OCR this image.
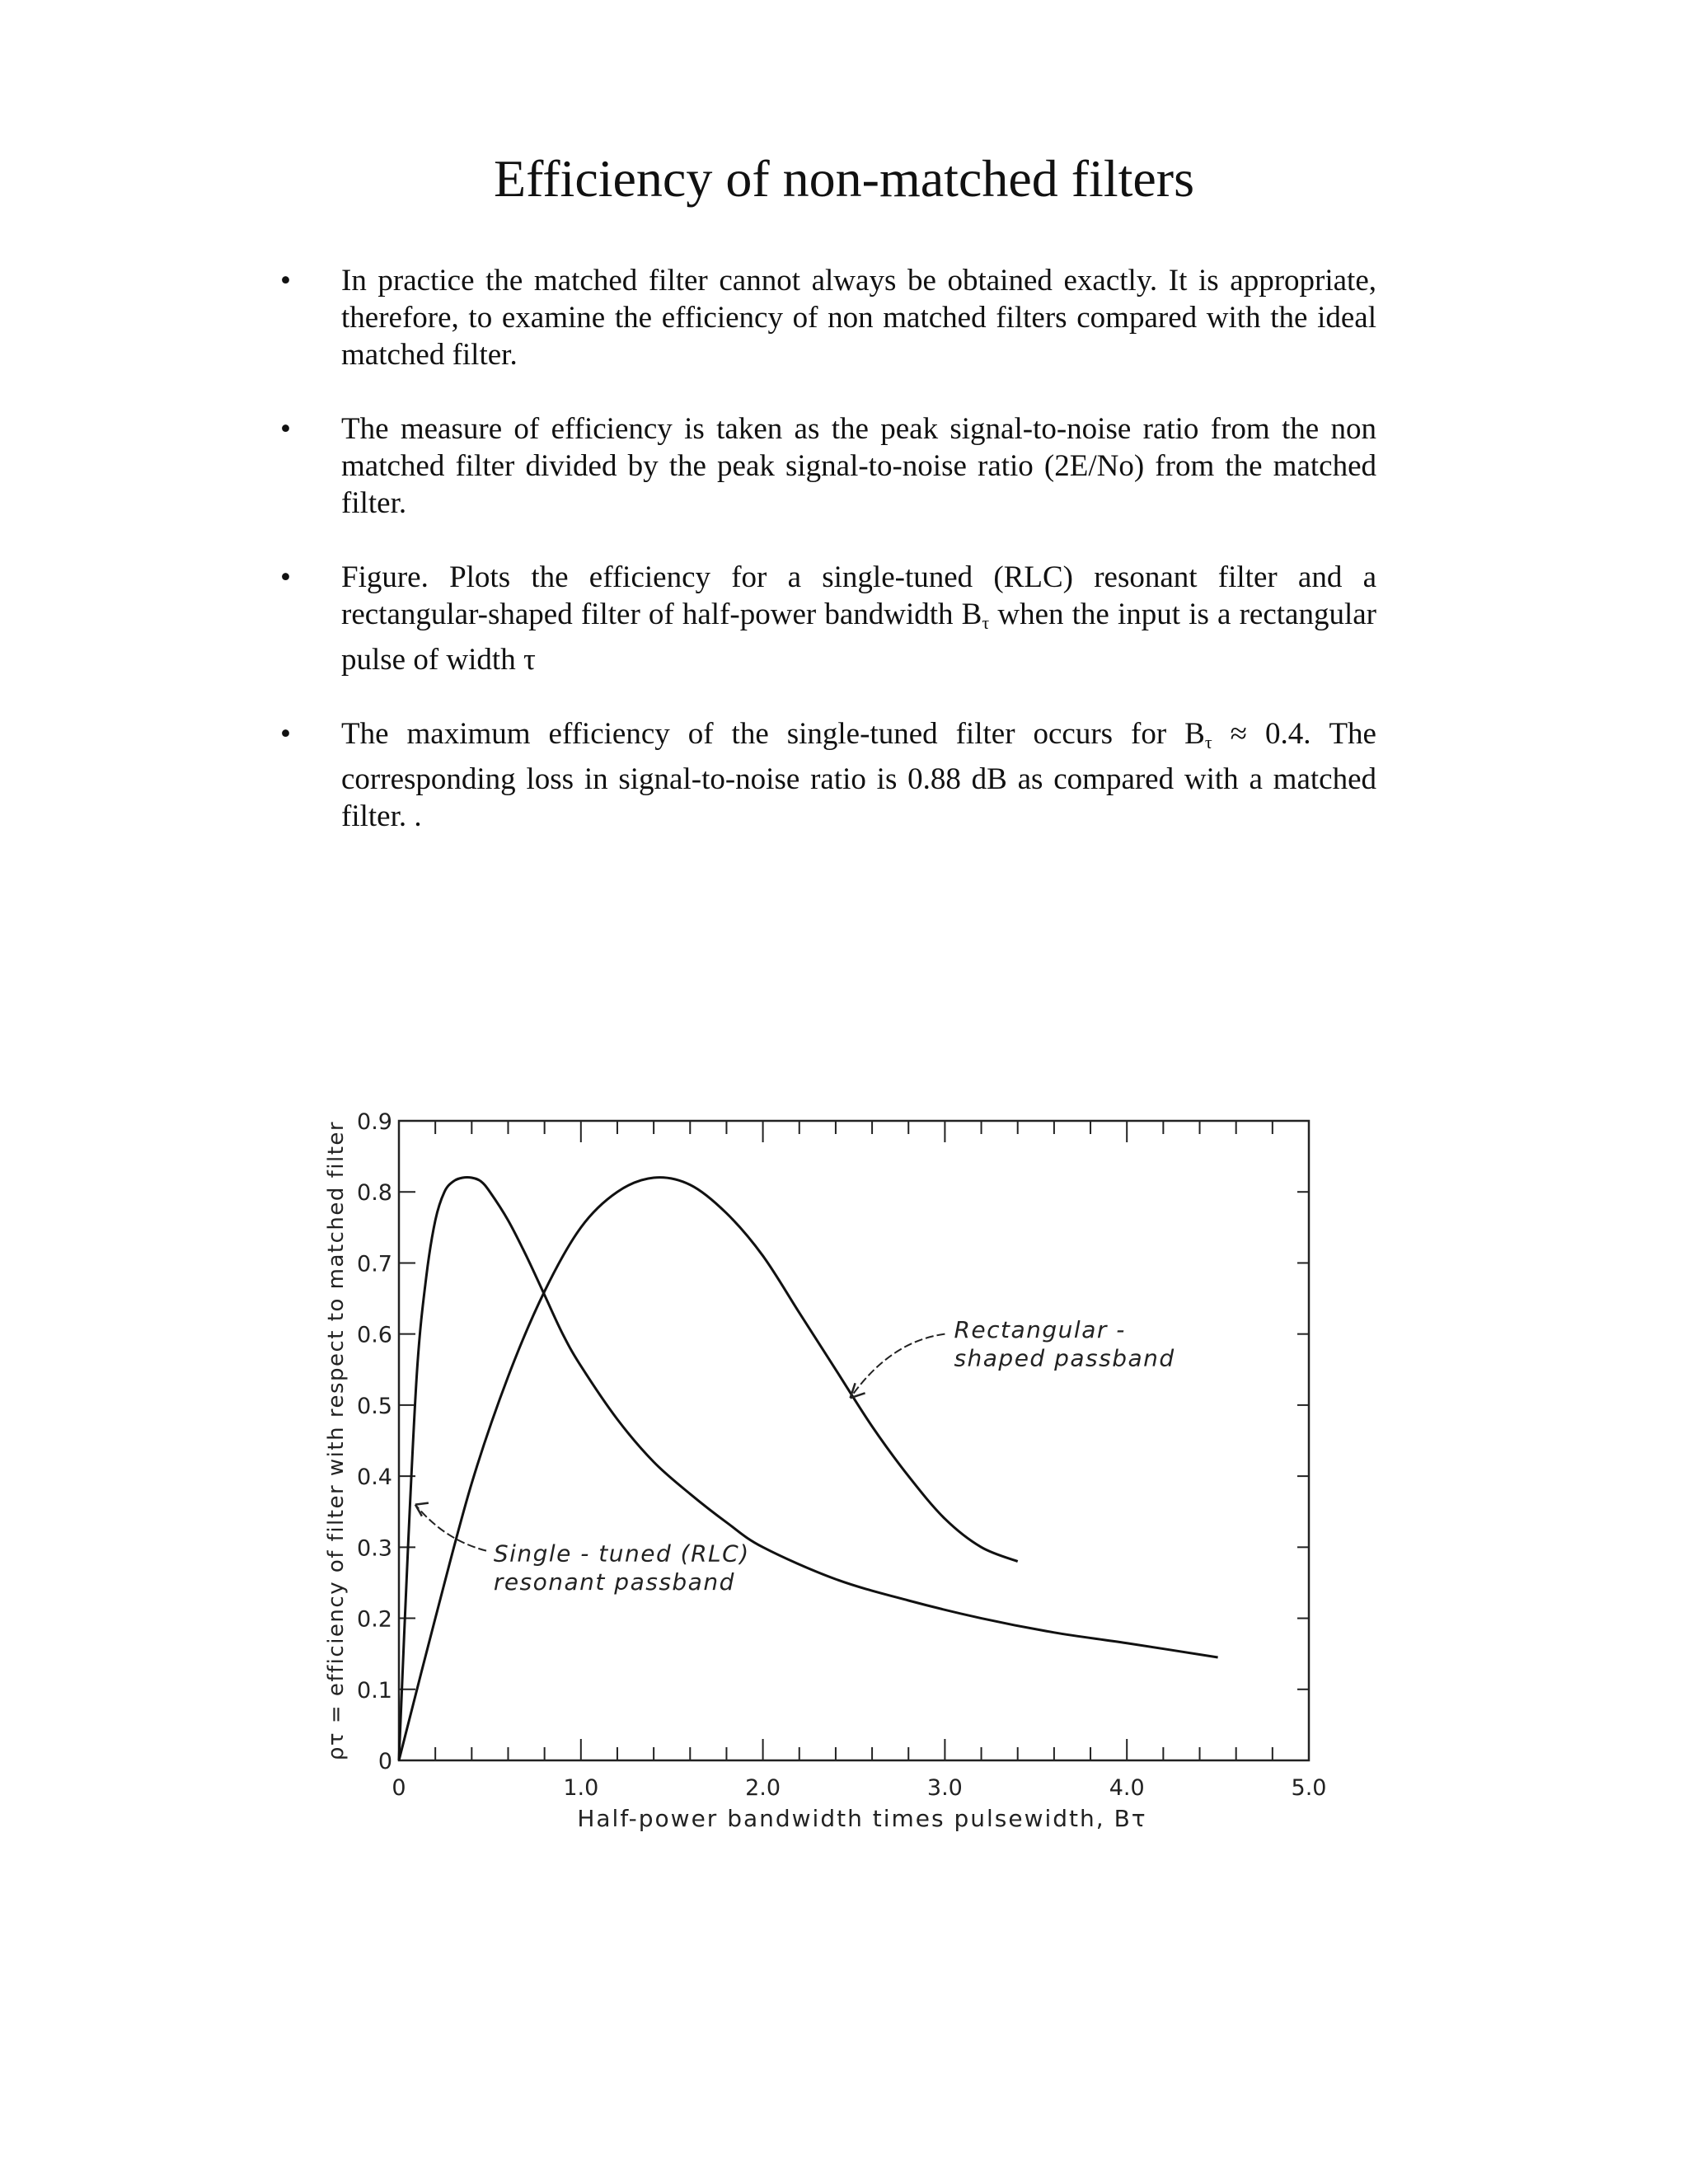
Efficiency of non-matched filters
• In practice the matched filter cannot always be obtained exactly. It is appropriate, therefore, to examine the efficiency of non matched filters compared with the ideal matched filter.
• The measure of efficiency is taken as the peak signal-to-noise ratio from the non matched filter divided by the peak signal-to-noise ratio (2E/No) from the matched filter.
• Figure. Plots the efficiency for a single-tuned (RLC) resonant filter and a rectangular-shaped filter of half-power bandwidth $B_\tau$ when the input is a rectangular pulse of width τ
• The maximum efficiency of the single-tuned filter occurs for $B_\tau \approx 0.4$. The corresponding loss in signal-to-noise ratio is 0.88 dB as compared with a matched filter. .
0	1.0	2.0	3.0	4.0	5.0
0
0.1
0.2
0.3
0.4
0.5
0.6
0.7
0.8
0.9
Half-power bandwidth times pulsewidth, Bτ
ρτ = efficiency of filter with respect to matched filter	Rectangular -
shaped passband
Single - tuned (RLC)
resonant passband
